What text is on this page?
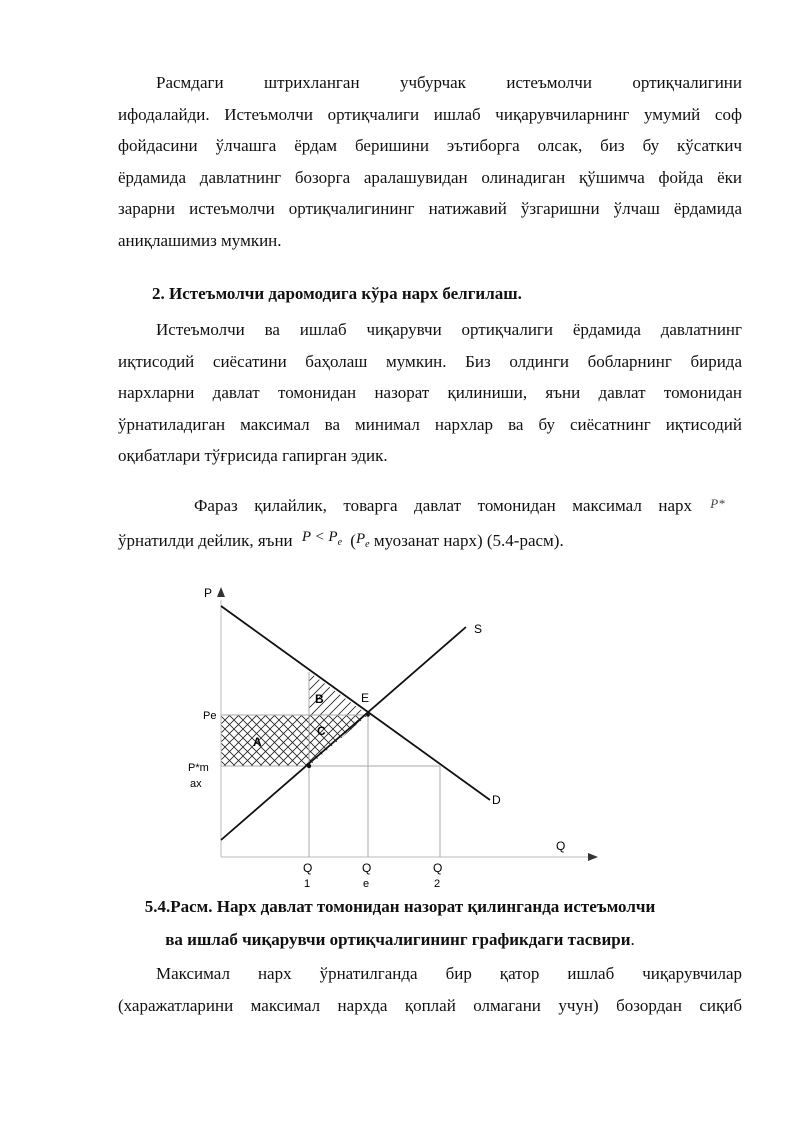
Расмдаги штрихланган учбурчак истеъмолчи ортиқчалигини
ифодалайди. Истеъмолчи ортиқчалиги ишлаб чиқарувчиларнинг умумий соф
фойдасини ўлчашга ёрдам беришини эътиборга олсак, биз бу кўсаткич
ёрдамида давлатнинг бозорга аралашувидан олинадиган қўшимча фойда ёки
зарарни истеъмолчи ортиқчалигининг натижавий ўзгаришни ўлчаш ёрдамида
аниқлашимиз мумкин.

2. Истеъмолчи даромодига кўра нарх белгилаш.

Истеъмолчи ва ишлаб чиқарувчи ортиқчалиги ёрдамида давлатнинг
иқтисодий сиёсатини баҳолаш мумкин. Биз олдинги бобларнинг бирида
нархларни давлат томонидан назорат қилиниши, яъни давлат томонидан
ўрнатиладиган максимал ва минимал нархлар ва бу сиёсатнинг иқтисодий
оқибатлари тўғрисида гапирган эдик.
Фараз қилайлик, товарга давлат томонидан максимал нарх P*
ўрнатилди дейлик, яъни $P < P_e$ ($P_e$ муозанат нарх) (5.4-расм).
P
Q
S
D
E
Pe
P*m
ax
A
B
C
Q
1
Q
e
Q
2
5.4.Расм. Нарх давлат томонидан назорат қилинганда истеъмолчи
ва ишлаб чиқарувчи ортиқчалигининг графикдаги тасвири.
Максимал нарх ўрнатилганда бир қатор ишлаб чиқарувчилар
(харажатларини максимал нархда қоплай олмагани учун) бозордан сиқиб
